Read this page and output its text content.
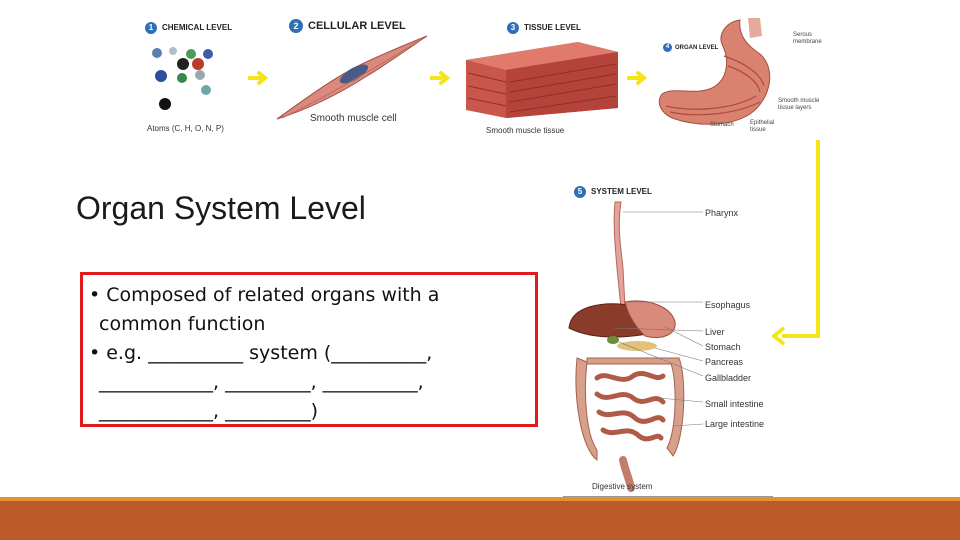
1 CHEMICAL LEVEL
Atoms (C, H, O, N, P)
2 CELLULAR LEVEL
Smooth muscle cell
3 TISSUE LEVEL
Smooth muscle tissue
4 ORGAN LEVEL
Serous membrane
Smooth muscle tissue layers
Stomach	Epithelial tissue
Organ System Level
• Composed of related organs with a
common function
• e.g. __________ system (__________,
____________, _________, __________,
____________, _________)
5 SYSTEM LEVEL
Pharynx
Esophagus
Liver
Stomach
Pancreas
Gallbladder
Small intestine
Large intestine
Digestive system
